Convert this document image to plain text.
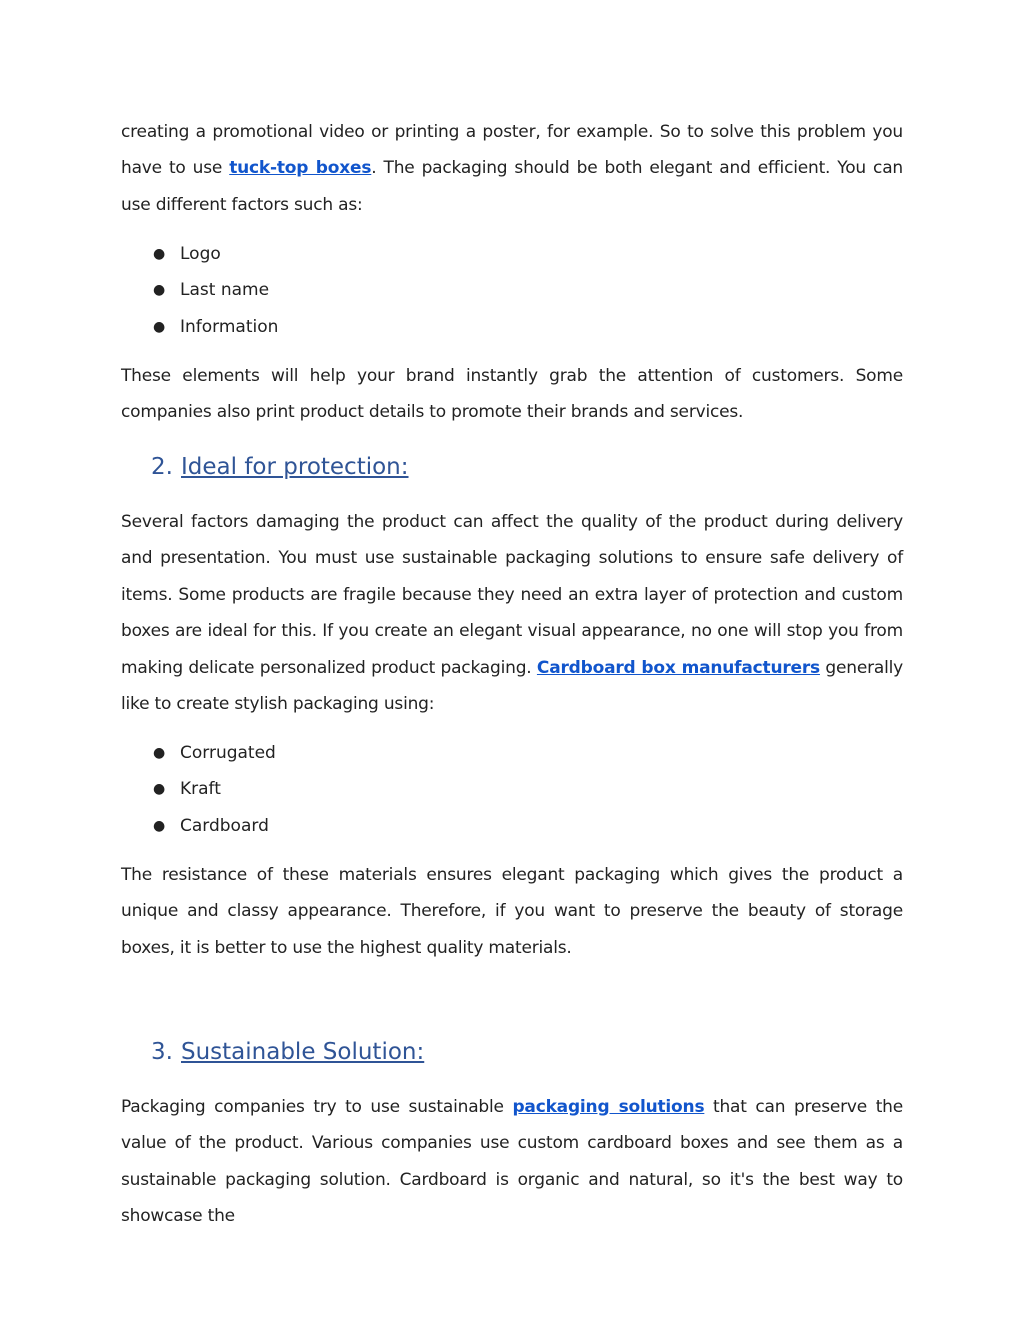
creating a promotional video or printing a poster, for example. So to solve this problem you have to use tuck-top boxes. The packaging should be both elegant and efficient. You can use different factors such as:

● Logo
● Last name
● Information

These elements will help your brand instantly grab the attention of customers. Some companies also print product details to promote their brands and services.

2. Ideal for protection:

Several factors damaging the product can affect the quality of the product during delivery and presentation. You must use sustainable packaging solutions to ensure safe delivery of items. Some products are fragile because they need an extra layer of protection and custom boxes are ideal for this. If you create an elegant visual appearance, no one will stop you from making delicate personalized product packaging. Cardboard box manufacturers generally like to create stylish packaging using:

● Corrugated
● Kraft
● Cardboard

The resistance of these materials ensures elegant packaging which gives the product a unique and classy appearance. Therefore, if you want to preserve the beauty of storage boxes, it is better to use the highest quality materials.

3. Sustainable Solution:

Packaging companies try to use sustainable packaging solutions that can preserve the value of the product. Various companies use custom cardboard boxes and see them as a sustainable packaging solution. Cardboard is organic and natural, so it's the best way to showcase the
